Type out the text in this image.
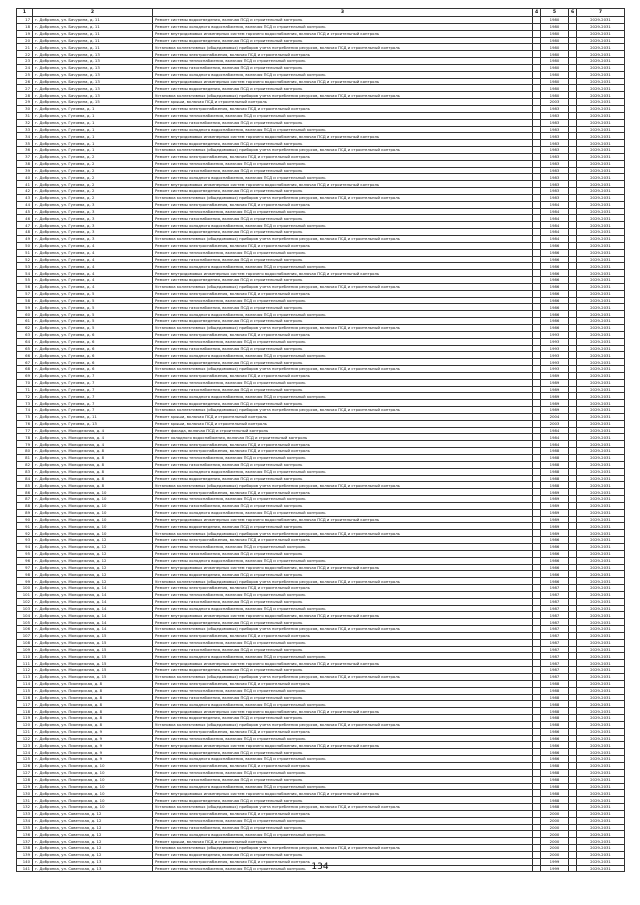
1	2	3	4	5	6	7
17	г. Добрянка, ул. Бачурина, д. 11	Ремонт системы водоотведения, включая ПСД и строительный контроль		1980		2029-2031
18	г. Добрянка, ул. Бачурина, д. 11	Ремонт системы холодного водоснабжения, включая ПСД и строительный контроль		1980		2029-2031
19	г. Добрянка, ул. Бачурина, д. 11	Ремонт внутридомовых инженерных систем горячего водоснабжения, включая ПСД и строительный контроль		1980		2029-2031
20	г. Добрянка, ул. Бачурина, д. 11	Ремонт системы водоотведения, включая ПСД и строительный контроль		1980		2029-2031
21	г. Добрянка, ул. Бачурина, д. 11	Установка коллективных (общедомовых) приборов учета потребления ресурсов, включая ПСД и строительный контроль		1980		2029-2031
22	г. Добрянка, ул. Бачурина, д. 13	Ремонт системы электроснабжения, включая ПСД и строительный контроль		1980		2029-2031
23	г. Добрянка, ул. Бачурина, д. 13	Ремонт системы теплоснабжения, включая ПСД и строительный контроль		1980		2029-2031
24	г. Добрянка, ул. Бачурина, д. 13	Ремонт системы газоснабжения, включая ПСД и строительный контроль		1980		2029-2031
25	г. Добрянка, ул. Бачурина, д. 13	Ремонт системы холодного водоснабжения, включая ПСД и строительный контроль		1980		2029-2031
26	г. Добрянка, ул. Бачурина, д. 13	Ремонт внутридомовых инженерных систем горячего водоснабжения, включая ПСД и строительный контроль		1980		2029-2031
27	г. Добрянка, ул. Бачурина, д. 13	Ремонт системы водоотведения, включая ПСД и строительный контроль		1980		2029-2031
28	г. Добрянка, ул. Бачурина, д. 13	Установка коллективных (общедомовых) приборов учета потребления ресурсов, включая ПСД и строительный контроль		1980		2029-2031
29	г. Добрянка, ул. Бачурина, д. 15	Ремонт крыши, включая ПСД и строительный контроль		2003		2029-2031
30	г. Добрянка, ул. Гуляева, д. 1	Ремонт системы электроснабжения, включая ПСД и строительный контроль		1983		2029-2031
31	г. Добрянка, ул. Гуляева, д. 1	Ремонт системы теплоснабжения, включая ПСД и строительный контроль		1983		2029-2031
32	г. Добрянка, ул. Гуляева, д. 1	Ремонт системы газоснабжения, включая ПСД и строительный контроль		1983		2029-2031
33	г. Добрянка, ул. Гуляева, д. 1	Ремонт системы холодного водоснабжения, включая ПСД и строительный контроль		1983		2029-2031
34	г. Добрянка, ул. Гуляева, д. 1	Ремонт внутридомовых инженерных систем горячего водоснабжения, включая ПСД и строительный контроль		1983		2029-2031
35	г. Добрянка, ул. Гуляева, д. 1	Ремонт системы водоотведения, включая ПСД и строительный контроль		1983		2029-2031
36	г. Добрянка, ул. Гуляева, д. 1	Установка коллективных (общедомовых) приборов учета потребления ресурсов, включая ПСД и строительный контроль		1983		2029-2031
37	г. Добрянка, ул. Гуляева, д. 2	Ремонт системы электроснабжения, включая ПСД и строительный контроль		1983		2029-2031
38	г. Добрянка, ул. Гуляева, д. 2	Ремонт системы теплоснабжения, включая ПСД и строительный контроль		1983		2029-2031
39	г. Добрянка, ул. Гуляева, д. 2	Ремонт системы газоснабжения, включая ПСД и строительный контроль		1983		2029-2031
40	г. Добрянка, ул. Гуляева, д. 2	Ремонт системы холодного водоснабжения, включая ПСД и строительный контроль		1983		2029-2031
41	г. Добрянка, ул. Гуляева, д. 2	Ремонт внутридомовых инженерных систем горячего водоснабжения, включая ПСД и строительный контроль		1983		2029-2031
42	г. Добрянка, ул. Гуляева, д. 2	Ремонт системы водоотведения, включая ПСД и строительный контроль		1983		2029-2031
43	г. Добрянка, ул. Гуляева, д. 2	Установка коллективных (общедомовых) приборов учета потребления ресурсов, включая ПСД и строительный контроль		1983		2029-2031
44	г. Добрянка, ул. Гуляева, д. 3	Ремонт системы электроснабжения, включая ПСД и строительный контроль		1984		2029-2031
45	г. Добрянка, ул. Гуляева, д. 3	Ремонт системы теплоснабжения, включая ПСД и строительный контроль		1984		2029-2031
46	г. Добрянка, ул. Гуляева, д. 3	Ремонт системы газоснабжения, включая ПСД и строительный контроль		1984		2029-2031
47	г. Добрянка, ул. Гуляева, д. 3	Ремонт системы холодного водоснабжения, включая ПСД и строительный контроль		1984		2029-2031
48	г. Добрянка, ул. Гуляева, д. 3	Ремонт системы водоотведения, включая ПСД и строительный контроль		1984		2029-2031
49	г. Добрянка, ул. Гуляева, д. 3	Установка коллективных (общедомовых) приборов учета потребления ресурсов, включая ПСД и строительный контроль		1984		2029-2031
50	г. Добрянка, ул. Гуляева, д. 4	Ремонт системы электроснабжения, включая ПСД и строительный контроль		1986		2029-2031
51	г. Добрянка, ул. Гуляева, д. 4	Ремонт системы теплоснабжения, включая ПСД и строительный контроль		1986		2029-2031
52	г. Добрянка, ул. Гуляева, д. 4	Ремонт системы газоснабжения, включая ПСД и строительный контроль		1986		2029-2031
53	г. Добрянка, ул. Гуляева, д. 4	Ремонт системы холодного водоснабжения, включая ПСД и строительный контроль		1986		2029-2031
54	г. Добрянка, ул. Гуляева, д. 4	Ремонт внутридомовых инженерных систем горячего водоснабжения, включая ПСД и строительный контроль		1986		2029-2031
55	г. Добрянка, ул. Гуляева, д. 4	Ремонт системы водоотведения, включая ПСД и строительный контроль		1986		2029-2031
56	г. Добрянка, ул. Гуляева, д. 4	Установка коллективных (общедомовых) приборов учета потребления ресурсов, включая ПСД и строительный контроль		1986		2029-2031
57	г. Добрянка, ул. Гуляева, д. 5	Ремонт системы электроснабжения, включая ПСД и строительный контроль		1986		2029-2031
58	г. Добрянка, ул. Гуляева, д. 5	Ремонт системы теплоснабжения, включая ПСД и строительный контроль		1986		2029-2031
59	г. Добрянка, ул. Гуляева, д. 5	Ремонт системы газоснабжения, включая ПСД и строительный контроль		1986		2029-2031
60	г. Добрянка, ул. Гуляева, д. 5	Ремонт системы холодного водоснабжения, включая ПСД и строительный контроль		1986		2029-2031
61	г. Добрянка, ул. Гуляева, д. 5	Ремонт системы водоотведения, включая ПСД и строительный контроль		1986		2029-2031
62	г. Добрянка, ул. Гуляева, д. 5	Установка коллективных (общедомовых) приборов учета потребления ресурсов, включая ПСД и строительный контроль		1986		2029-2031
63	г. Добрянка, ул. Гуляева, д. 6	Ремонт системы электроснабжения, включая ПСД и строительный контроль		1993		2029-2031
64	г. Добрянка, ул. Гуляева, д. 6	Ремонт системы теплоснабжения, включая ПСД и строительный контроль		1993		2029-2031
65	г. Добрянка, ул. Гуляева, д. 6	Ремонт системы газоснабжения, включая ПСД и строительный контроль		1993		2029-2031
66	г. Добрянка, ул. Гуляева, д. 6	Ремонт системы холодного водоснабжения, включая ПСД и строительный контроль		1993		2029-2031
67	г. Добрянка, ул. Гуляева, д. 6	Ремонт системы водоотведения, включая ПСД и строительный контроль		1993		2029-2031
68	г. Добрянка, ул. Гуляева, д. 6	Установка коллективных (общедомовых) приборов учета потребления ресурсов, включая ПСД и строительный контроль		1993		2029-2031
69	г. Добрянка, ул. Гуляева, д. 7	Ремонт системы электроснабжения, включая ПСД и строительный контроль		1989		2029-2031
70	г. Добрянка, ул. Гуляева, д. 7	Ремонт системы теплоснабжения, включая ПСД и строительный контроль		1989		2029-2031
71	г. Добрянка, ул. Гуляева, д. 7	Ремонт системы газоснабжения, включая ПСД и строительный контроль		1989		2029-2031
72	г. Добрянка, ул. Гуляева, д. 7	Ремонт системы холодного водоснабжения, включая ПСД и строительный контроль		1989		2029-2031
73	г. Добрянка, ул. Гуляева, д. 7	Ремонт системы водоотведения, включая ПСД и строительный контроль		1989		2029-2031
74	г. Добрянка, ул. Гуляева, д. 7	Установка коллективных (общедомовых) приборов учета потребления ресурсов, включая ПСД и строительный контроль		1989		2029-2031
75	г. Добрянка, ул. Гуляева, д. 11	Ремонт крыши, включая ПСД и строительный контроль		2004		2029-2031
76	г. Добрянка, ул. Гуляева, д. 13	Ремонт крыши, включая ПСД и строительный контроль		2003		2029-2031
77	г. Добрянка, ул. Молодежная, д. 4	Ремонт фасада, включая ПСД и строительный контроль		1984		2029-2031
78	г. Добрянка, ул. Молодежная, д. 4	Ремонт холодного водоснабжения, включая ПСД и строительный контроль		1984		2029-2031
79	г. Добрянка, ул. Молодежная, д. 4	Ремонт системы электроснабжения, включая ПСД и строительный контроль		1984		2029-2031
80	г. Добрянка, ул. Молодежная, д. 8	Ремонт системы электроснабжения, включая ПСД и строительный контроль		1988		2029-2031
81	г. Добрянка, ул. Молодежная, д. 8	Ремонт системы теплоснабжения, включая ПСД и строительный контроль		1988		2029-2031
82	г. Добрянка, ул. Молодежная, д. 8	Ремонт системы газоснабжения, включая ПСД и строительный контроль		1988		2029-2031
83	г. Добрянка, ул. Молодежная, д. 8	Ремонт системы холодного водоснабжения, включая ПСД и строительный контроль		1988		2029-2031
84	г. Добрянка, ул. Молодежная, д. 8	Ремонт системы водоотведения, включая ПСД и строительный контроль		1988		2029-2031
85	г. Добрянка, ул. Молодежная, д. 8	Установка коллективных (общедомовых) приборов учета потребления ресурсов, включая ПСД и строительный контроль		1988		2029-2031
86	г. Добрянка, ул. Молодежная, д. 10	Ремонт системы электроснабжения, включая ПСД и строительный контроль		1989		2029-2031
87	г. Добрянка, ул. Молодежная, д. 10	Ремонт системы теплоснабжения, включая ПСД и строительный контроль		1989		2029-2031
88	г. Добрянка, ул. Молодежная, д. 10	Ремонт системы газоснабжения, включая ПСД и строительный контроль		1989		2029-2031
89	г. Добрянка, ул. Молодежная, д. 10	Ремонт системы холодного водоснабжения, включая ПСД и строительный контроль		1989		2029-2031
90	г. Добрянка, ул. Молодежная, д. 10	Ремонт внутридомовых инженерных систем горячего водоснабжения, включая ПСД и строительный контроль		1989		2029-2031
91	г. Добрянка, ул. Молодежная, д. 10	Ремонт системы водоотведения, включая ПСД и строительный контроль		1989		2029-2031
92	г. Добрянка, ул. Молодежная, д. 10	Установка коллективных (общедомовых) приборов учета потребления ресурсов, включая ПСД и строительный контроль		1989		2029-2031
93	г. Добрянка, ул. Молодежная, д. 12	Ремонт системы электроснабжения, включая ПСД и строительный контроль		1986		2029-2031
94	г. Добрянка, ул. Молодежная, д. 12	Ремонт системы теплоснабжения, включая ПСД и строительный контроль		1986		2029-2031
95	г. Добрянка, ул. Молодежная, д. 12	Ремонт системы газоснабжения, включая ПСД и строительный контроль		1986		2029-2031
96	г. Добрянка, ул. Молодежная, д. 12	Ремонт системы холодного водоснабжения, включая ПСД и строительный контроль		1986		2029-2031
97	г. Добрянка, ул. Молодежная, д. 12	Ремонт внутридомовых инженерных систем горячего водоснабжения, включая ПСД и строительный контроль		1986		2029-2031
98	г. Добрянка, ул. Молодежная, д. 12	Ремонт системы водоотведения, включая ПСД и строительный контроль		1986		2029-2031
99	г. Добрянка, ул. Молодежная, д. 12	Установка коллективных (общедомовых) приборов учета потребления ресурсов, включая ПСД и строительный контроль		1986		2029-2031
100	г. Добрянка, ул. Молодежная, д. 14	Ремонт системы электроснабжения, включая ПСД и строительный контроль		1987		2029-2031
101	г. Добрянка, ул. Молодежная, д. 14	Ремонт системы теплоснабжения, включая ПСД и строительный контроль		1987		2029-2031
102	г. Добрянка, ул. Молодежная, д. 14	Ремонт системы газоснабжения, включая ПСД и строительный контроль		1987		2029-2031
103	г. Добрянка, ул. Молодежная, д. 14	Ремонт системы холодного водоснабжения, включая ПСД и строительный контроль		1987		2029-2031
104	г. Добрянка, ул. Молодежная, д. 14	Ремонт внутридомовых инженерных систем горячего водоснабжения, включая ПСД и строительный контроль		1987		2029-2031
105	г. Добрянка, ул. Молодежная, д. 14	Ремонт системы водоотведения, включая ПСД и строительный контроль		1987		2029-2031
106	г. Добрянка, ул. Молодежная, д. 14	Установка коллективных (общедомовых) приборов учета потребления ресурсов, включая ПСД и строительный контроль		1987		2029-2031
107	г. Добрянка, ул. Молодежная, д. 15	Ремонт системы электроснабжения, включая ПСД и строительный контроль		1987		2029-2031
108	г. Добрянка, ул. Молодежная, д. 15	Ремонт системы теплоснабжения, включая ПСД и строительный контроль		1987		2029-2031
109	г. Добрянка, ул. Молодежная, д. 15	Ремонт системы газоснабжения, включая ПСД и строительный контроль		1987		2029-2031
110	г. Добрянка, ул. Молодежная, д. 15	Ремонт системы холодного водоснабжения, включая ПСД и строительный контроль		1987		2029-2031
111	г. Добрянка, ул. Молодежная, д. 15	Ремонт внутридомовых инженерных систем горячего водоснабжения, включая ПСД и строительный контроль		1987		2029-2031
112	г. Добрянка, ул. Молодежная, д. 15	Ремонт системы водоотведения, включая ПСД и строительный контроль		1987		2029-2031
113	г. Добрянка, ул. Молодежная, д. 15	Установка коллективных (общедомовых) приборов учета потребления ресурсов, включая ПСД и строительный контроль		1987		2029-2031
114	г. Добрянка, ул. Пионерская, д. 8	Ремонт системы электроснабжения, включая ПСД и строительный контроль		1988		2029-2031
115	г. Добрянка, ул. Пионерская, д. 8	Ремонт системы теплоснабжения, включая ПСД и строительный контроль		1988		2029-2031
116	г. Добрянка, ул. Пионерская, д. 8	Ремонт системы газоснабжения, включая ПСД и строительный контроль		1988		2029-2031
117	г. Добрянка, ул. Пионерская, д. 8	Ремонт системы холодного водоснабжения, включая ПСД и строительный контроль		1988		2029-2031
118	г. Добрянка, ул. Пионерская, д. 8	Ремонт внутридомовых инженерных систем горячего водоснабжения, включая ПСД и строительный контроль		1988		2029-2031
119	г. Добрянка, ул. Пионерская, д. 8	Ремонт системы водоотведения, включая ПСД и строительный контроль		1988		2029-2031
120	г. Добрянка, ул. Пионерская, д. 8	Установка коллективных (общедомовых) приборов учета потребления ресурсов, включая ПСД и строительный контроль		1988		2029-2031
121	г. Добрянка, ул. Пионерская, д. 9	Ремонт системы электроснабжения, включая ПСД и строительный контроль		1986		2029-2031
122	г. Добрянка, ул. Пионерская, д. 9	Ремонт системы теплоснабжения, включая ПСД и строительный контроль		1986		2029-2031
123	г. Добрянка, ул. Пионерская, д. 9	Ремонт внутридомовых инженерных систем горячего водоснабжения, включая ПСД и строительный контроль		1986		2029-2031
124	г. Добрянка, ул. Пионерская, д. 9	Ремонт системы водоотведения, включая ПСД и строительный контроль		1986		2029-2031
125	г. Добрянка, ул. Пионерская, д. 9	Ремонт системы холодного водоснабжения, включая ПСД и строительный контроль		1986		2029-2031
126	г. Добрянка, ул. Пионерская, д. 10	Ремонт системы электроснабжения, включая ПСД и строительный контроль		1988		2029-2031
127	г. Добрянка, ул. Пионерская, д. 10	Ремонт системы теплоснабжения, включая ПСД и строительный контроль		1988		2029-2031
128	г. Добрянка, ул. Пионерская, д. 10	Ремонт системы газоснабжения, включая ПСД и строительный контроль		1988		2029-2031
129	г. Добрянка, ул. Пионерская, д. 10	Ремонт системы холодного водоснабжения, включая ПСД и строительный контроль		1988		2029-2031
130	г. Добрянка, ул. Пионерская, д. 10	Ремонт внутридомовых инженерных систем горячего водоснабжения, включая ПСД и строительный контроль		1988		2029-2031
131	г. Добрянка, ул. Пионерская, д. 10	Ремонт системы водоотведения, включая ПСД и строительный контроль		1988		2029-2031
132	г. Добрянка, ул. Пионерская, д. 10	Установка коллективных (общедомовых) приборов учета потребления ресурсов, включая ПСД и строительный контроль		1988		2029-2031
133	г. Добрянка, ул. Советская, д. 12	Ремонт системы электроснабжения, включая ПСД и строительный контроль		2000		2029-2031
134	г. Добрянка, ул. Советская, д. 12	Ремонт системы теплоснабжения, включая ПСД и строительный контроль		2000		2029-2031
135	г. Добрянка, ул. Советская, д. 12	Ремонт системы газоснабжения, включая ПСД и строительный контроль		2000		2029-2031
136	г. Добрянка, ул. Советская, д. 12	Ремонт системы холодного водоснабжения, включая ПСД и строительный контроль		2000		2029-2031
137	г. Добрянка, ул. Советская, д. 12	Ремонт крыши, включая ПСД и строительный контроль		2000		2029-2031
138	г. Добрянка, ул. Советская, д. 12	Установка коллективных (общедомовых) приборов учета потребления ресурсов, включая ПСД и строительный контроль		2000		2029-2031
139	г. Добрянка, ул. Советская, д. 12	Ремонт системы водоотведения, включая ПСД и строительный контроль		2000		2029-2031
140	г. Добрянка, ул. Советская, д. 13	Ремонт системы электроснабжения, включая ПСД и строительный контроль		1999		2029-2031
141	г. Добрянка, ул. Советская, д. 13	Ремонт системы теплоснабжения, включая ПСД и строительный контроль		1999		2029-2031
134
